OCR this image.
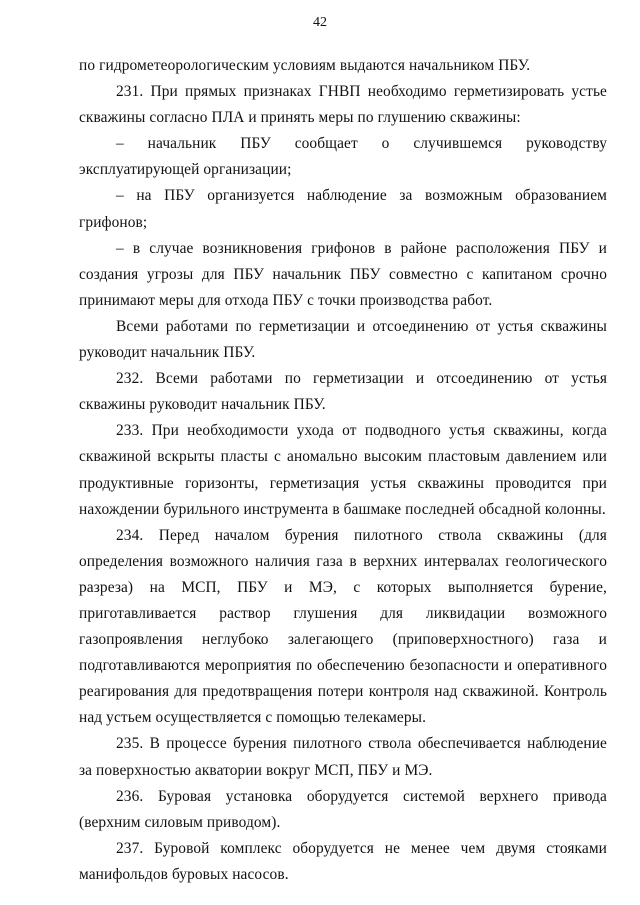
42

по гидрометеорологическим условиям выдаются начальником ПБУ.

231. При прямых признаках ГНВП необходимо герметизировать устье скважины согласно ПЛА и принять меры по глушению скважины:

– начальник ПБУ сообщает о случившемся руководству эксплуатирующей организации;

– на ПБУ организуется наблюдение за возможным образованием грифонов;

– в случае возникновения грифонов в районе расположения ПБУ и создания угрозы для ПБУ начальник ПБУ совместно с капитаном срочно принимают меры для отхода ПБУ с точки производства работ.

Всеми работами по герметизации и отсоединению от устья скважины руководит начальник ПБУ.

232. Всеми работами по герметизации и отсоединению от устья скважины руководит начальник ПБУ.

233. При необходимости ухода от подводного устья скважины, когда скважиной вскрыты пласты с аномально высоким пластовым давлением или продуктивные горизонты, герметизация устья скважины проводится при нахождении бурильного инструмента в башмаке последней обсадной колонны.

234. Перед началом бурения пилотного ствола скважины (для определения возможного наличия газа в верхних интервалах геологического разреза) на МСП, ПБУ и МЭ, с которых выполняется бурение, приготавливается раствор глушения для ликвидации возможного газопроявления неглубоко залегающего (приповерхностного) газа и подготавливаются мероприятия по обеспечению безопасности и оперативного реагирования для предотвращения потери контроля над скважиной. Контроль над устьем осуществляется с помощью телекамеры.

235. В процессе бурения пилотного ствола обеспечивается наблюдение за поверхностью акватории вокруг МСП, ПБУ и МЭ.

236. Буровая установка оборудуется системой верхнего привода (верхним силовым приводом).

237. Буровой комплекс оборудуется не менее чем двумя стояками манифольдов буровых насосов.
